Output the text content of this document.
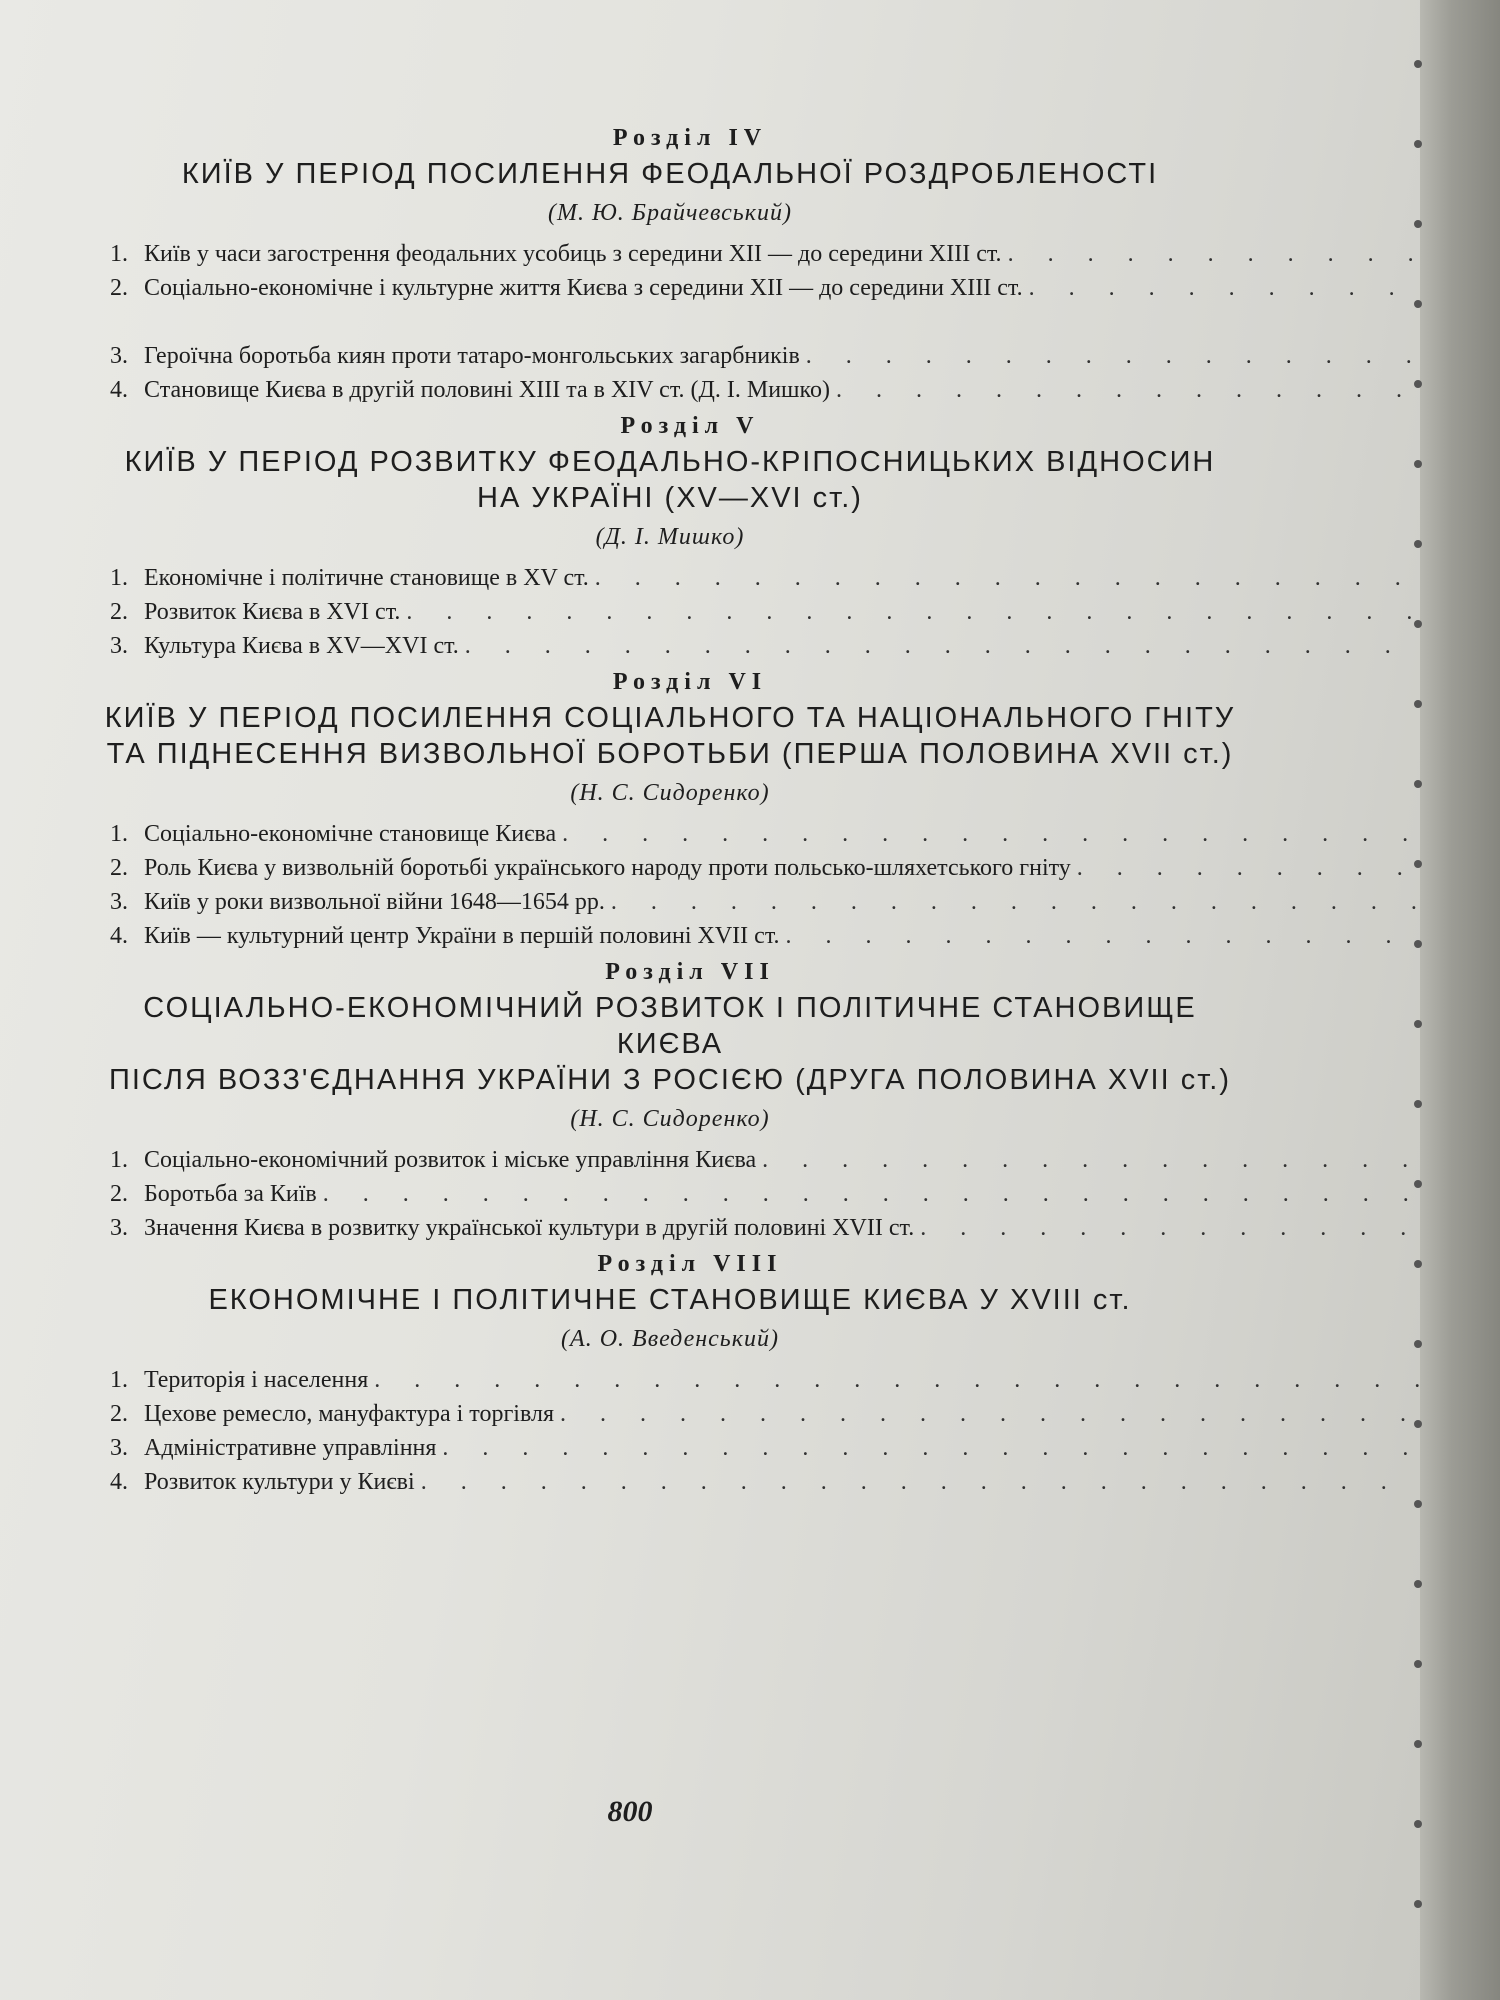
Розділ IV
КИЇВ У ПЕРІОД ПОСИЛЕННЯ ФЕОДАЛЬНОЇ РОЗДРОБЛЕНОСТІ
(М. Ю. Брайчевський)
1. Київ у часи загострення феодальних усобиць з середини XII — до середини XIII ст.
. . .
2. Соціально-економічне і культурне життя Києва з середини XII — до середини XIII ст.
. . .
3. Героїчна боротьба киян проти татаро-монгольських загарбників
. . .
4. Становище Києва в другій половині XIII та в XIV ст. (Д. І. Мишко)
. . .
Розділ V
КИЇВ У ПЕРІОД РОЗВИТКУ ФЕОДАЛЬНО-КРІПОСНИЦЬКИХ ВІДНОСИН
НА УКРАЇНІ (XV—XVI ст.)
(Д. І. Мишко)
1. Економічне і політичне становище в XV ст.
. . .
2. Розвиток Києва в XVI ст.
. . .
3. Культура Києва в XV—XVI ст.
. . .
Розділ VI
КИЇВ У ПЕРІОД ПОСИЛЕННЯ СОЦІАЛЬНОГО ТА НАЦІОНАЛЬНОГО ГНІТУ
ТА ПІДНЕСЕННЯ ВИЗВОЛЬНОЇ БОРОТЬБИ (ПЕРША ПОЛОВИНА XVII ст.)
(Н. С. Сидоренко)
1. Соціально-економічне становище Києва
. . .
2. Роль Києва у визвольній боротьбі українського народу проти польсько-шляхетського гніту
. . .
3. Київ у роки визвольної війни 1648—1654 рр.
. . .
4. Київ — культурний центр України в першій половині XVII ст.
. . .
Розділ VII
СОЦІАЛЬНО-ЕКОНОМІЧНИЙ РОЗВИТОК І ПОЛІТИЧНЕ СТАНОВИЩЕ КИЄВА
ПІСЛЯ ВОЗЗ'ЄДНАННЯ УКРАЇНИ З РОСІЄЮ (ДРУГА ПОЛОВИНА XVII ст.)
(Н. С. Сидоренко)
1. Соціально-економічний розвиток і міське управління Києва
. . .
2. Боротьба за Київ
. . .
3. Значення Києва в розвитку української культури в другій половині XVII ст.
. . .
Розділ VIII
ЕКОНОМІЧНЕ І ПОЛІТИЧНЕ СТАНОВИЩЕ КИЄВА У XVIII ст.
(А. О. Введенський)
1. Територія і населення
. . .
2. Цехове ремесло, мануфактура і торгівля
. . .
3. Адміністративне управління
. . .
4. Розвиток культури у Києві
. . .
800
